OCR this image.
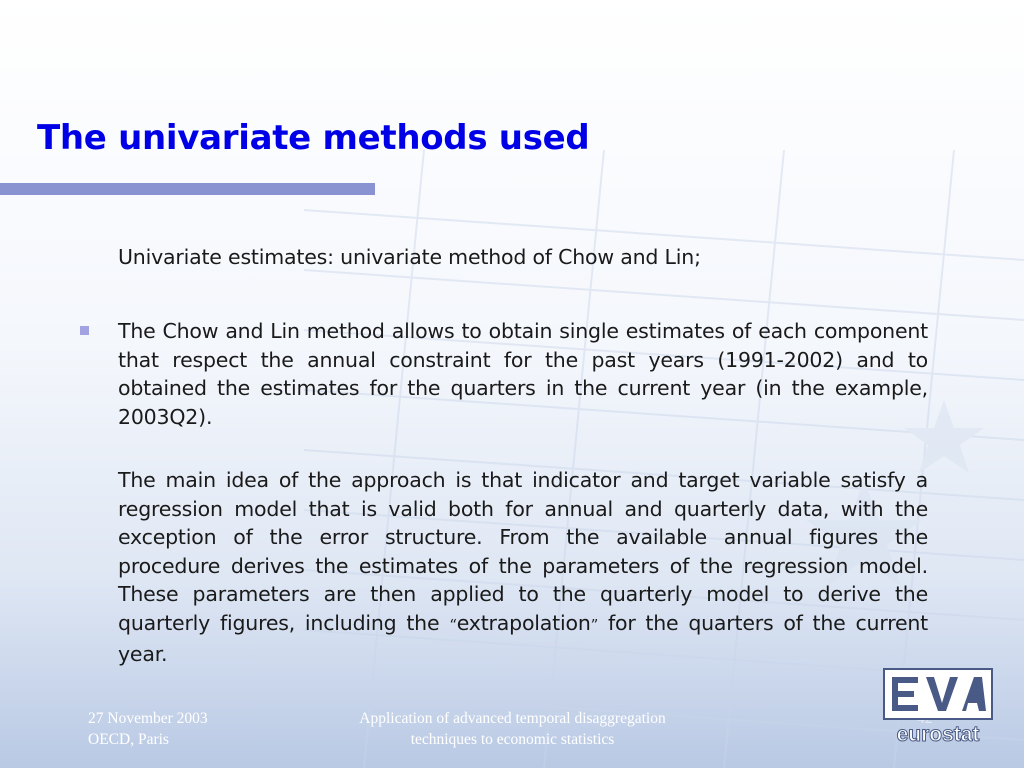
The univariate methods used

Univariate estimates: univariate method of Chow and Lin;

The Chow and Lin method allows to obtain single estimates of each component that respect the annual constraint for the past years (1991-2002) and to obtained the estimates for the quarters in the current year (in the example, 2003Q2).

The main idea of the approach is that indicator and target variable satisfy a regression model that is valid both for annual and quarterly data, with the exception of the error structure. From the available annual figures the procedure derives the estimates of the parameters of the regression model. These parameters are then applied to the quarterly model to derive the quarterly figures, including the “extrapolation” for the quarters of the current year.

27 November 2003
OECD, Paris
Application of advanced temporal disaggregation
techniques to economic statistics	eurostat
